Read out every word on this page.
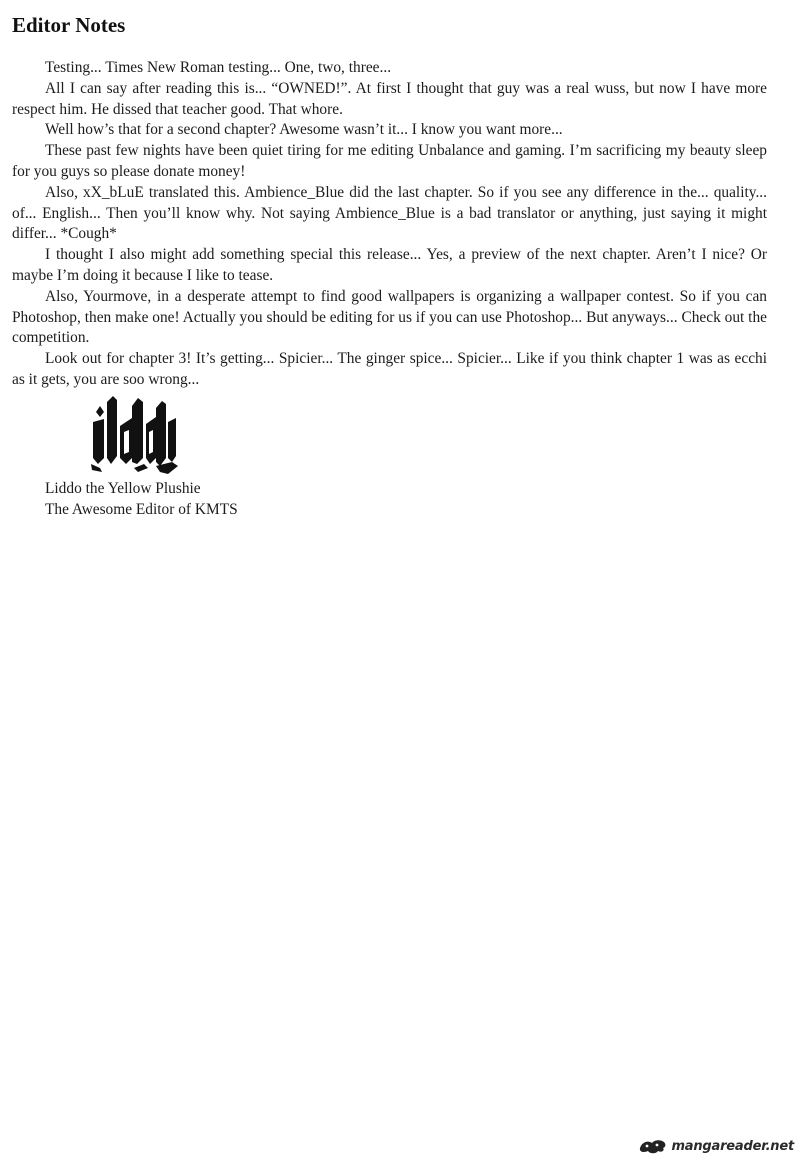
Editor Notes

Testing... Times New Roman testing... One, two, three...

All I can say after reading this is... “OWNED!”. At first I thought that guy was a real wuss, but now I have more respect him. He dissed that teacher good. That whore.

Well how’s that for a second chapter? Awesome wasn’t it... I know you want more...

These past few nights have been quiet tiring for me editing Unbalance and gaming. I’m sacrificing my beauty sleep for you guys so please donate money!

Also, xX_bLuE translated this. Ambience_Blue did the last chapter. So if you see any difference in the... quality... of... English... Then you’ll know why. Not saying Ambience_Blue is a bad translator or anything, just saying it might differ... *Cough*

I thought I also might add something special this release... Yes, a preview of the next chapter. Aren’t I nice? Or maybe I’m doing it because I like to tease.

Also, Yourmove, in a desperate attempt to find good wallpapers is organizing a wallpaper contest. So if you can Photoshop, then make one! Actually you should be editing for us if you can use Photoshop... But anyways... Check out the competition.

Look out for chapter 3! It’s getting... Spicier... The ginger spice... Spicier... Like if you think chapter 1 was as ecchi as it gets, you are soo wrong...

Liddo the Yellow Plushie
The Awesome Editor of KMTS
mangareader.net
